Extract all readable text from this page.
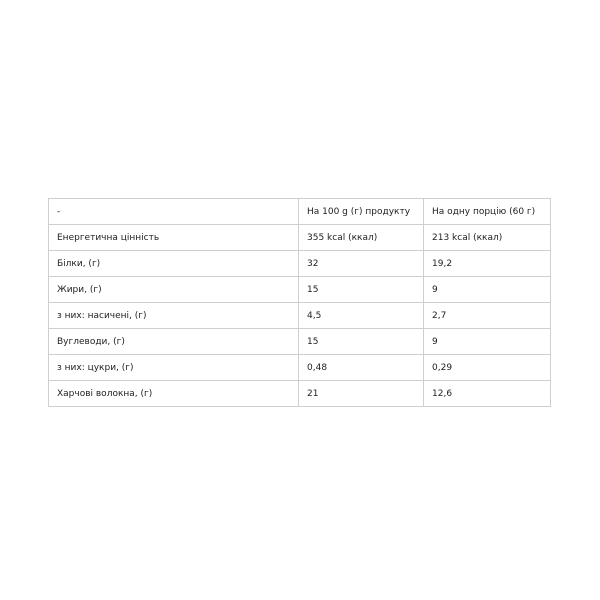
-	На 100 g (г) продукту	На одну порцію (60 г)
Енергетична цінність	355 kcal (ккал)	213 kcal (ккал)
Білки, (г)	32	19,2
Жири, (г)	15	9
з них: насичені, (г)	4,5	2,7
Вуглеводи, (г)	15	9
з них: цукри, (г)	0,48	0,29
Харчові волокна, (г)	21	12,6
